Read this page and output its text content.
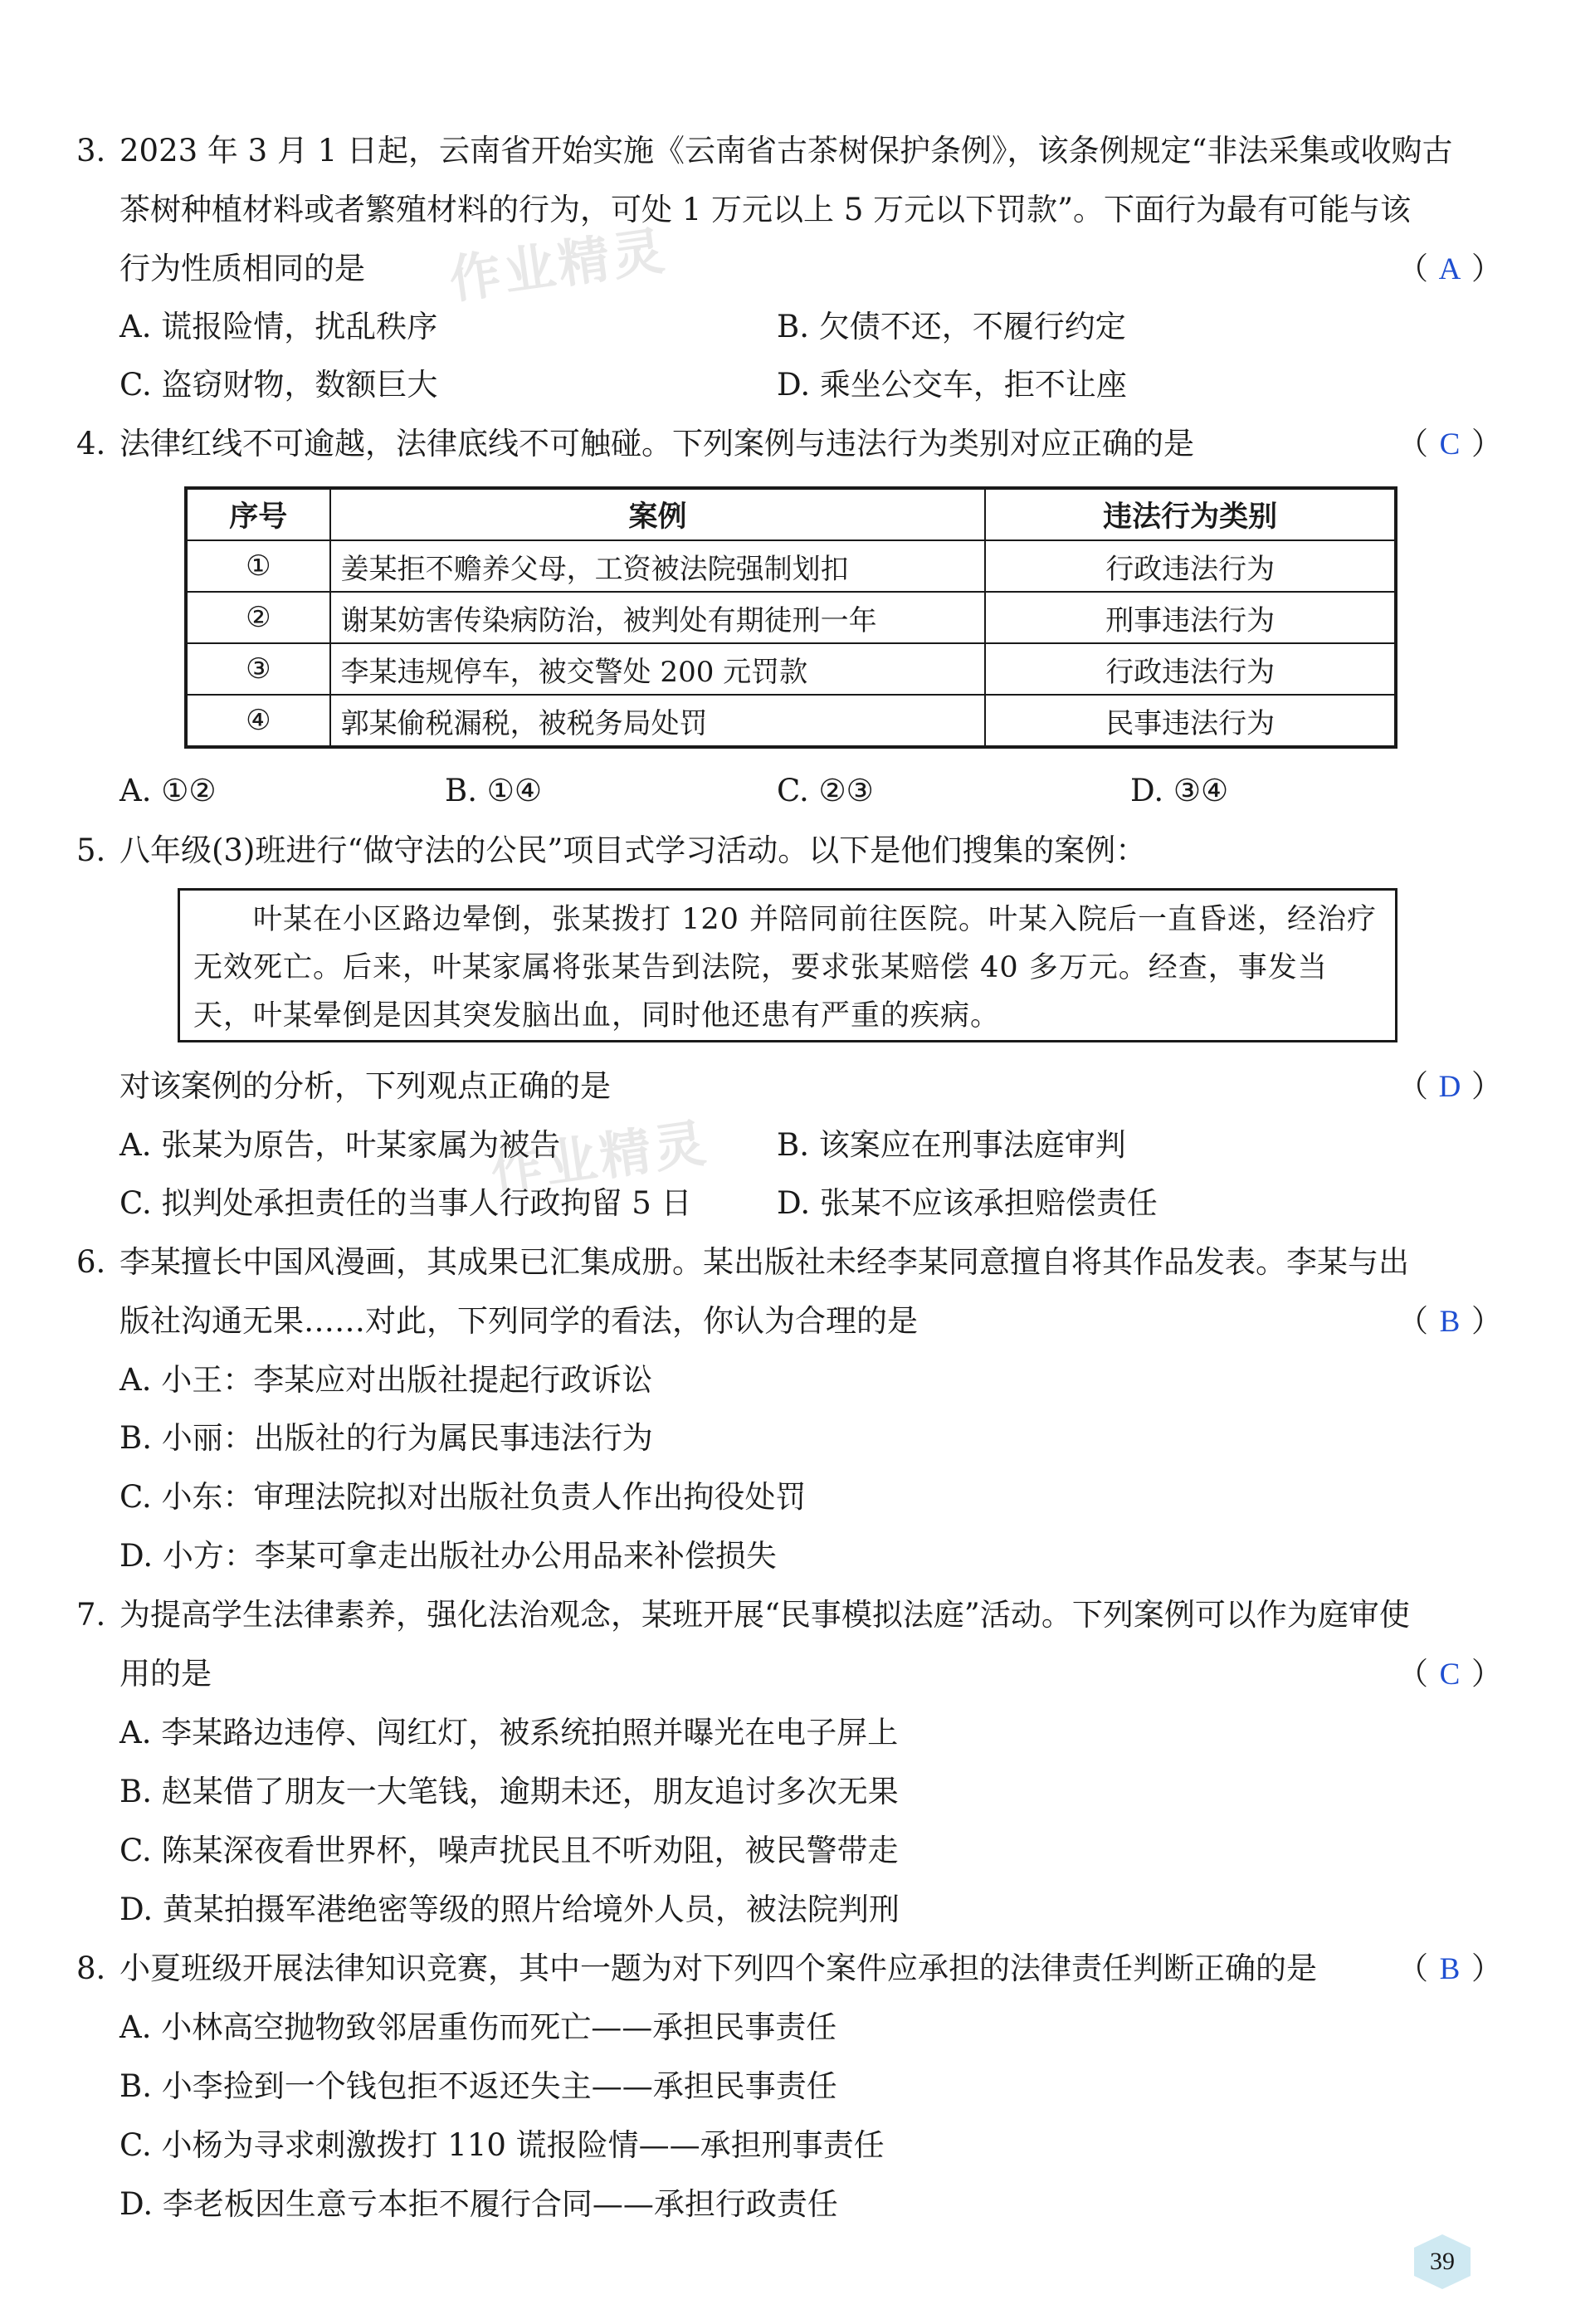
作业精灵
作业精灵
3. 2023 年 3 月 1 日起，云南省开始实施《云南省古茶树保护条例》，该条例规定“非法采集或收购古
茶树种植材料或者繁殖材料的行为，可处 1 万元以上 5 万元以下罚款”。下面行为最有可能与该
行为性质相同的是	（ A ）
A. 谎报险情，扰乱秩序	B. 欠债不还，不履行约定
C. 盗窃财物，数额巨大	D. 乘坐公交车，拒不让座
4. 法律红线不可逾越，法律底线不可触碰。下列案例与违法行为类别对应正确的是	（ C ）
序号	案例	违法行为类别
①	姜某拒不赡养父母，工资被法院强制划扣	行政违法行为
②	谢某妨害传染病防治，被判处有期徒刑一年	刑事违法行为
③	李某违规停车，被交警处 200 元罚款	行政违法行为
④	郭某偷税漏税，被税务局处罚	民事违法行为
A. ①②	B. ①④	C. ②③	D. ③④
5. 八年级(3)班进行“做守法的公民”项目式学习活动。以下是他们搜集的案例：
　　叶某在小区路边晕倒，张某拨打 120 并陪同前往医院。叶某入院后一直昏迷，经治疗无效死亡。后来，叶某家属将张某告到法院，要求张某赔偿 40 多万元。经查，事发当天，叶某晕倒是因其突发脑出血，同时他还患有严重的疾病。
对该案例的分析，下列观点正确的是	（ D ）
A. 张某为原告，叶某家属为被告	B. 该案应在刑事法庭审判
C. 拟判处承担责任的当事人行政拘留 5 日	D. 张某不应该承担赔偿责任
6. 李某擅长中国风漫画，其成果已汇集成册。某出版社未经李某同意擅自将其作品发表。李某与出
版社沟通无果……对此，下列同学的看法，你认为合理的是	（ B ）
A. 小王：李某应对出版社提起行政诉讼
B. 小丽：出版社的行为属民事违法行为
C. 小东：审理法院拟对出版社负责人作出拘役处罚
D. 小方：李某可拿走出版社办公用品来补偿损失
7. 为提高学生法律素养，强化法治观念，某班开展“民事模拟法庭”活动。下列案例可以作为庭审使
用的是	（ C ）
A. 李某路边违停、闯红灯，被系统拍照并曝光在电子屏上
B. 赵某借了朋友一大笔钱，逾期未还，朋友追讨多次无果
C. 陈某深夜看世界杯，噪声扰民且不听劝阻，被民警带走
D. 黄某拍摄军港绝密等级的照片给境外人员，被法院判刑
8. 小夏班级开展法律知识竞赛，其中一题为对下列四个案件应承担的法律责任判断正确的是	（ B ）
A. 小林高空抛物致邻居重伤而死亡——承担民事责任
B. 小李捡到一个钱包拒不返还失主——承担民事责任
C. 小杨为寻求刺激拨打 110 谎报险情——承担刑事责任
D. 李老板因生意亏本拒不履行合同——承担行政责任
39
